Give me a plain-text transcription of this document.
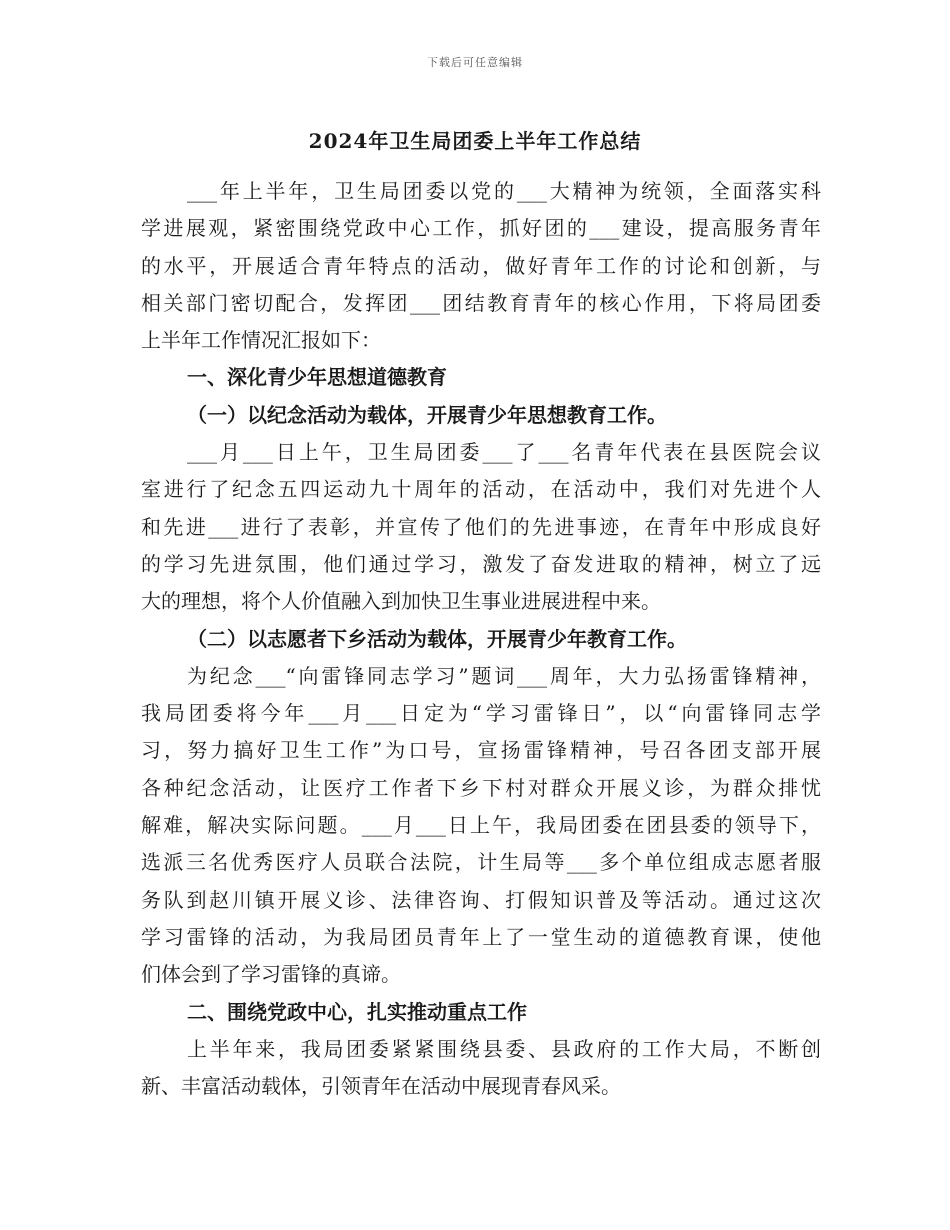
下载后可任意编辑
2024年卫生局团委上半年工作总结
___年上半年，卫生局团委以党的___大精神为统领，全面落实科
学进展观，紧密围绕党政中心工作，抓好团的___建设，提高服务青年
的水平，开展适合青年特点的活动，做好青年工作的讨论和创新，与
相关部门密切配合，发挥团___团结教育青年的核心作用，下将局团委
上半年工作情况汇报如下：
一、深化青少年思想道德教育
（一）以纪念活动为载体，开展青少年思想教育工作。
___月___日上午，卫生局团委___了___名青年代表在县医院会议
室进行了纪念五四运动九十周年的活动，在活动中，我们对先进个人
和先进___进行了表彰，并宣传了他们的先进事迹，在青年中形成良好
的学习先进氛围，他们通过学习，激发了奋发进取的精神，树立了远
大的理想，将个人价值融入到加快卫生事业进展进程中来。
（二）以志愿者下乡活动为载体，开展青少年教育工作。
为纪念___“向雷锋同志学习”题词___周年，大力弘扬雷锋精神，
我局团委将今年___月___日定为“学习雷锋日”，以“向雷锋同志学
习，努力搞好卫生工作”为口号，宣扬雷锋精神，号召各团支部开展
各种纪念活动，让医疗工作者下乡下村对群众开展义诊，为群众排忧
解难，解决实际问题。___月___日上午，我局团委在团县委的领导下，
选派三名优秀医疗人员联合法院，计生局等___多个单位组成志愿者服
务队到赵川镇开展义诊、法律咨询、打假知识普及等活动。通过这次
学习雷锋的活动，为我局团员青年上了一堂生动的道德教育课，使他
们体会到了学习雷锋的真谛。
二、围绕党政中心，扎实推动重点工作
上半年来，我局团委紧紧围绕县委、县政府的工作大局，不断创
新、丰富活动载体，引领青年在活动中展现青春风采。
